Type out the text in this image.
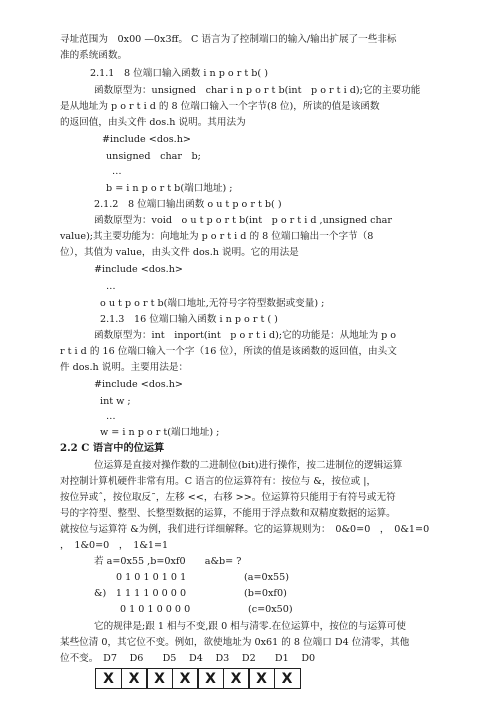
寻址范围为　0x00 —0x3ff。 C 语言为了控制端口的输入/输出扩展了一些非标
准的系统函数。
2.1.1　8 位端口输入函数 i n p o r t b( )
函数原型为：unsigned　char i n p o r t b(int　p o r t i d);它的主要功能
是从地址为 p o r t i d 的 8 位端口输入一个字节(8 位)，所读的值是该函数
的返回值，由头文件 dos.h 说明。其用法为
#include <dos.h>
unsigned　char　b;
…
b = i n p o r t b(端口地址) ;
2.1.2　8 位端口输出函数 o u t p o r t b( )
函数原型为：void　o u t p o r t b(int　p o r t i d ,unsigned char
value);其主要功能为：向地址为 p o r t i d 的 8 位端口输出一个字节（8
位），其值为 value，由头文件 dos.h 说明。它的用法是
#include <dos.h>
…
o u t p o r t b(端口地址,无符号字符型数据或变量) ;
2.1.3　16 位端口输入函数 i n p o r t ( )
函数原型为：int　inport(int　p o r t i d);它的功能是：从地址为 p o
r t i d 的 16 位端口输入一个字（16 位），所读的值是该函数的返回值，由头文
件 dos.h 说明。主要用法是：
#include <dos.h>
int w ;
…
w = i n p o r t(端口地址) ;
2.2 C 语言中的位运算
位运算是直接对操作数的二进制位(bit)进行操作，按二进制位的逻辑运算
对控制计算机硬件非常有用。C 语言的位运算符有：按位与 &，按位或 |，
按位异或ˆ，按位取反˜，左移 <<，右移 >>。位运算符只能用于有符号或无符
号的字符型、整型、长整型数据的运算，不能用于浮点数和双精度数据的运算。
就按位与运算符 &为例，我们进行详细解释。它的运算规则为：　0&0=0　，　0&1=0
，　1&0=0　，　1&1=1
若 a=0x55 ,b=0xf0　　a&b= ?
0 1 0 1 0 1 0 1	(a=0x55)
&)　1 1 1 1 0 0 0 0	(b=0xf0)
0 1 0 1 0 0 0 0	(c=0x50)
它的规律是;跟 1 相与不变,跟 0 相与清零.在位运算中，按位的与运算可使
某些位清 0，其它位不变。例如，欲使地址为 0x61 的 8 位端口 D4 位清零，其他
位不变。　D7　 D6　　D5　 D4　 D3　 D2　　D1　 D0
X	X	X	X	X	X	X	X
